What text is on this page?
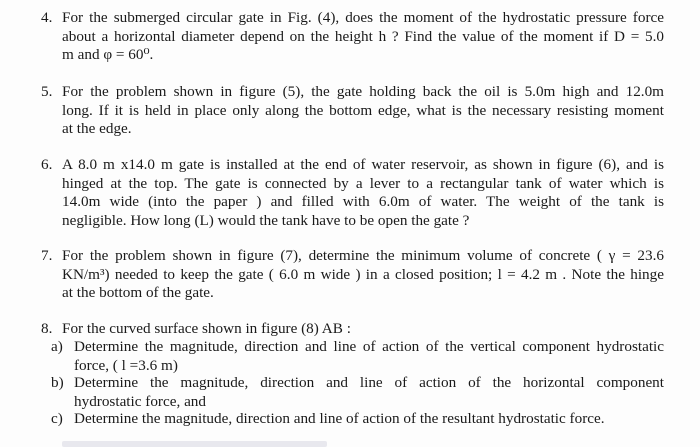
4. For the submerged circular gate in Fig. (4), does the moment of the hydrostatic pressure force
about a horizontal diameter depend on the height h ? Find the value of the moment if D = 5.0
m and φ = 60⁰.
5. For the problem shown in figure (5), the gate holding back the oil is 5.0m high and 12.0m
long. If it is held in place only along the bottom edge, what is the necessary resisting moment
at the edge.
6. A 8.0 m x14.0 m gate is installed at the end of water reservoir, as shown in figure (6), and is
hinged at the top. The gate is connected by a lever to a rectangular tank of water which is
14.0m wide (into the paper ) and filled with 6.0m of water. The weight of the tank is
negligible. How long (L) would the tank have to be open the gate ?
7. For the problem shown in figure (7), determine the minimum volume of concrete ( γ = 23.6
KN/m³) needed to keep the gate ( 6.0 m wide ) in a closed position; l = 4.2 m . Note the hinge
at the bottom of the gate.
8. For the curved surface shown in figure (8) AB :
a) Determine the magnitude, direction and line of action of the vertical component hydrostatic
force, ( l =3.6 m)
b) Determine the magnitude, direction and line of action of the horizontal component
hydrostatic force, and
c) Determine the magnitude, direction and line of action of the resultant hydrostatic force.
